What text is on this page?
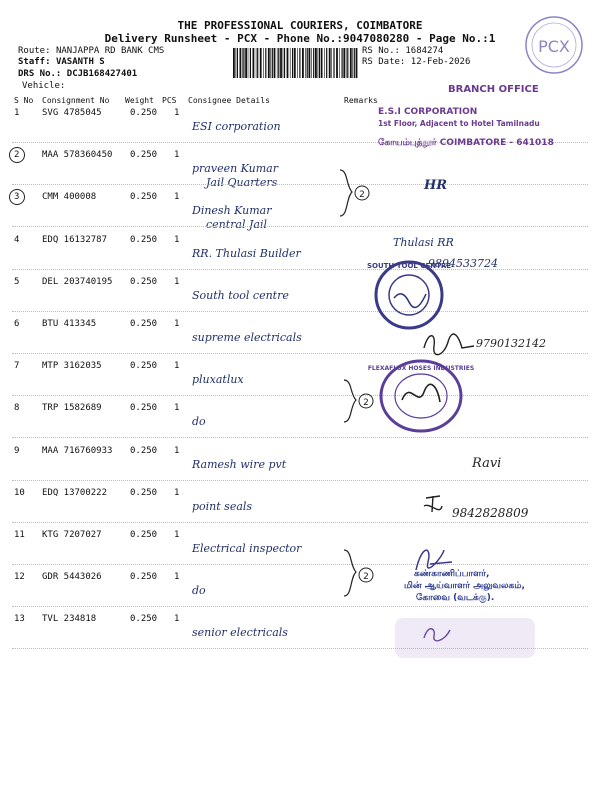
THE PROFESSIONAL COURIERS, COIMBATORE
Delivery Runsheet - PCX - Phone No.:9047080280 - Page No.:1
Route: NANJAPPA RD BANK CMS
Staff: VASANTH S
DRS No.: DCJB168427401
Vehicle:
RS No.: 1684274
RS Date: 12-Feb-2026
PCX
S No Consignment No Weight PCS Consignee Details	Remarks
1	SVG 4785045	0.250 1
ESI corporation
2	MAA 578360450 0.250 1
praveen Kumar
Jail Quarters
3	CMM 400008	0.250 1
Dinesh Kumar
central Jail
4	EDQ 16132787	0.250 1
RR. Thulasi Builder
5	DEL 203740195 0.250 1
South tool centre
6	BTU 413345	0.250 1
supreme electricals
7	MTP 3162035	0.250 1
pluxatlux
8	TRP 1582689	0.250 1
do
9	MAA 716760933 0.250 1
Ramesh wire pvt
10 EDQ 13700222	0.250 1
point seals
11 KTG 7207027	0.250 1
Electrical inspector
12 GDR 5443026	0.250 1
do
13 TVL 234818	0.250 1
senior electricals
BRANCH OFFICE
E.S.I CORPORATION
1st Floor, Adjacent to Hotel Tamilnadu
கோயம்புத்தூர் COIMBATORE - 641018
HR
Thulasi RR
9894533724
SOUTH TOOL CENTRE
9790132142
FLEXAFLUX HOSES INDUSTRIES
Ravi
9842828809
கண்காணிப்பாளர்,
மின் ஆய்வாளர் அலுவலகம்,
கோவை (வடக்கு).
2
2
2
